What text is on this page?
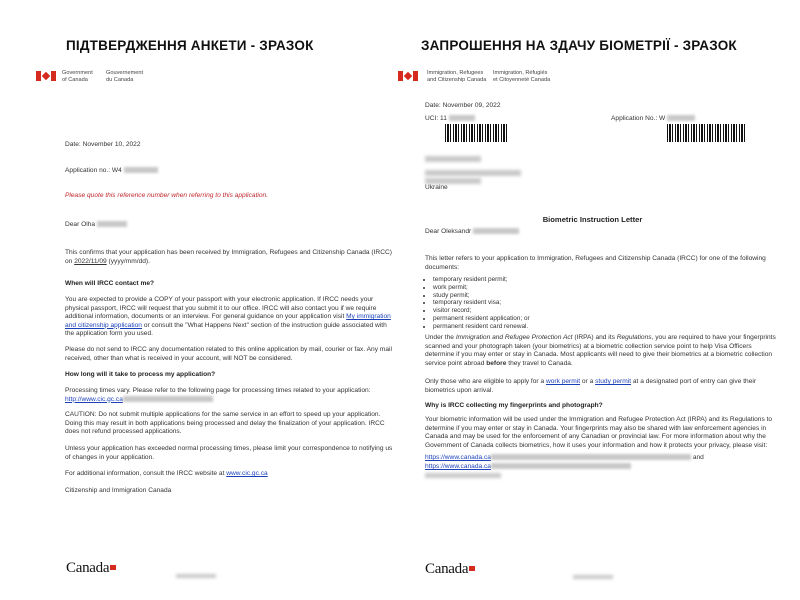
ПІДТВЕРДЖЕННЯ АНКЕТИ - ЗРАЗОК
Government
of Canada
Gouvernement
du Canada

Date: November 10, 2022

Application no.: W4

Please quote this reference number when referring to this application.

Dear Olha

This confirms that your application has been received by Immigration, Refugees and Citizenship Canada (IRCC) on 2022/11/09 (yyyy/mm/dd).

When will IRCC contact me?

You are expected to provide a COPY of your passport with your electronic application. If IRCC needs your physical passport, IRCC will request that you submit it to our office. IRCC will also contact you if we require additional information, documents or an interview. For general guidance on your application visit My immigration and citizenship application or consult the "What Happens Next" section of the instruction guide associated with the application form you used.

Please do not send to IRCC any documentation related to this online application by mail, courier or fax. Any mail received, other than what is received in your account, will NOT be considered.

How long will it take to process my application?

Processing times vary. Please refer to the following page for processing times related to your application: http://www.cic.gc.ca

CAUTION: Do not submit multiple applications for the same service in an effort to speed up your application. Doing this may result in both applications being processed and delay the finalization of your application. IRCC does not refund processed applications.

Unless your application has exceeded normal processing times, please limit your correspondence to notifying us of changes in your application.

For additional information, consult the IRCC website at www.cic.gc.ca

Citizenship and Immigration Canada

Canada
ЗАПРОШЕННЯ НА ЗДАЧУ БІОМЕТРІЇ - ЗРАЗОК
Immigration, Refugees
and Citizenship Canada
Immigration, Réfugiés
et Citoyenneté Canada

Date: November 09, 2022

UCI: 11	Application No.: W

Ukraine

Biometric Instruction Letter

Dear Oleksandr

This letter refers to your application to Immigration, Refugees and Citizenship Canada (IRCC) for one of the following documents:

• temporary resident permit;
• work permit;
• study permit;
• temporary resident visa;
• visitor record;
• permanent resident application; or
• permanent resident card renewal.

Under the Immigration and Refugee Protection Act (IRPA) and its Regulations, you are required to have your fingerprints scanned and your photograph taken (your biometrics) at a biometric collection service point to help Visa Officers determine if you may enter or stay in Canada. Most applicants will need to give their biometrics at a biometric collection service point abroad before they travel to Canada.

Only those who are eligible to apply for a work permit or a study permit at a designated port of entry can give their biometrics upon arrival.

Why is IRCC collecting my fingerprints and photograph?

Your biometric information will be used under the Immigration and Refugee Protection Act (IRPA) and its Regulations to determine if you may enter or stay in Canada. Your fingerprints may also be shared with law enforcement agencies in Canada and may be used for the enforcement of any Canadian or provincial law. For more information about why the Government of Canada collects biometrics, how it uses your information and how it protects your privacy, please visit:

https://www.canada.ca	and

https://www.canada.ca

Canada
